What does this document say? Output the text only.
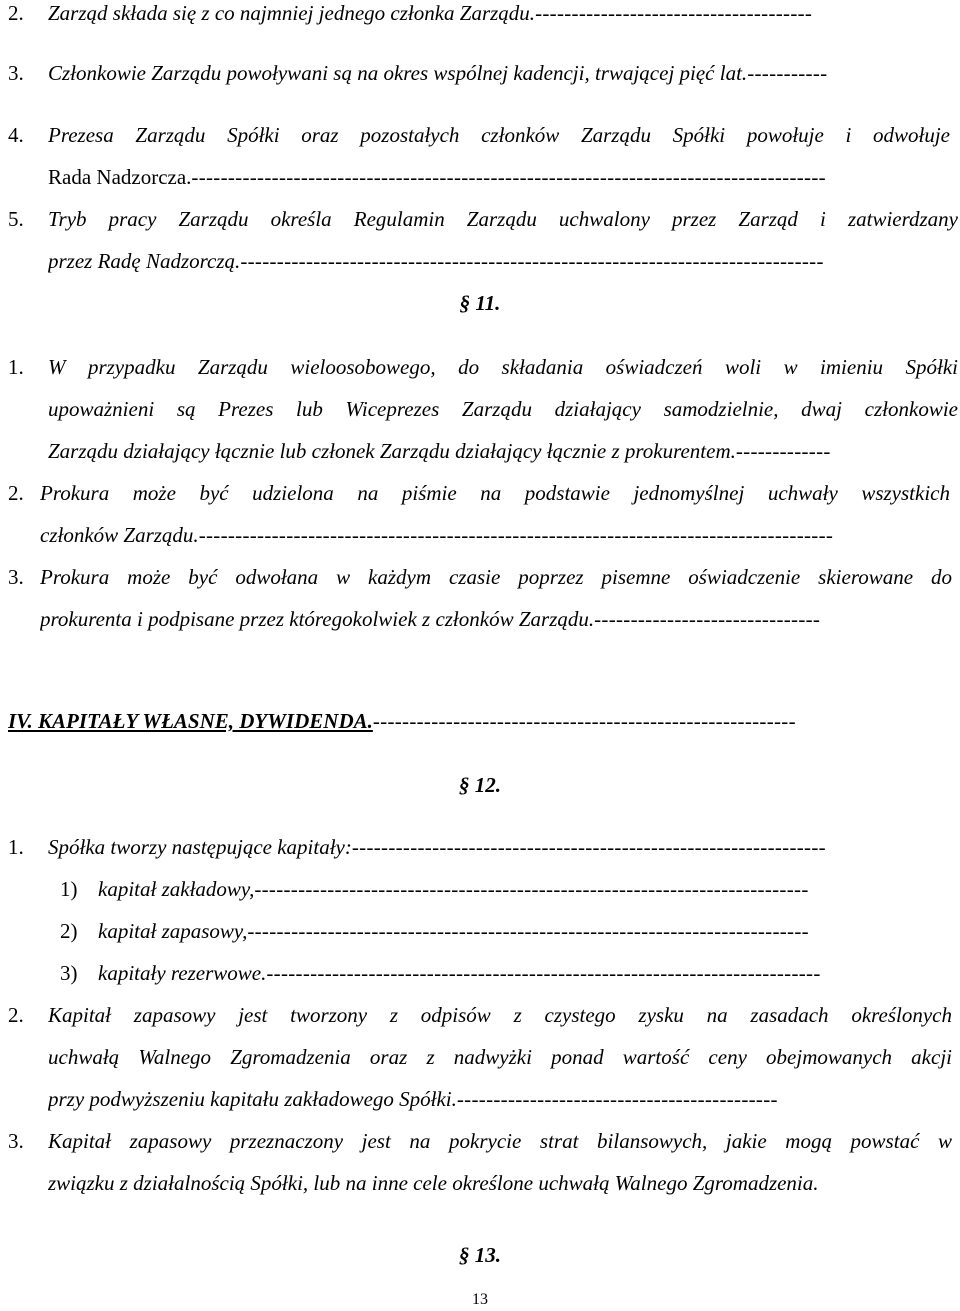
2. Zarząd składa się z co najmniej jednego członka Zarządu.--------------------------------------
3. Członkowie Zarządu powoływani są na okres wspólnej kadencji, trwającej pięć lat.-----------
4. Prezesa Zarządu Spółki oraz pozostałych członków Zarządu Spółki powołuje i odwołuje
Rada Nadzorcza.---------------------------------------------------------------------------------------
5. Tryb pracy Zarządu określa Regulamin Zarządu uchwalony przez Zarząd i zatwierdzany
przez Radę Nadzorczą.--------------------------------------------------------------------------------
§ 11.
1. W przypadku Zarządu wieloosobowego, do składania oświadczeń woli w imieniu Spółki
upoważnieni są Prezes lub Wiceprezes Zarządu działający samodzielnie, dwaj członkowie
Zarządu działający łącznie lub członek Zarządu działający łącznie z prokurentem.-------------
2. Prokura może być udzielona na piśmie na podstawie jednomyślnej uchwały wszystkich
członków Zarządu.---------------------------------------------------------------------------------------
3. Prokura może być odwołana w każdym czasie poprzez pisemne oświadczenie skierowane do
prokurenta i podpisane przez któregokolwiek z członków Zarządu.-------------------------------
IV. KAPITAŁY WŁASNE, DYWIDENDA.----------------------------------------------------------
§ 12.
1. Spółka tworzy następujące kapitały:-----------------------------------------------------------------
1) kapitał zakładowy,----------------------------------------------------------------------------
2) kapitał zapasowy,-----------------------------------------------------------------------------
3) kapitały rezerwowe.----------------------------------------------------------------------------
2. Kapitał zapasowy jest tworzony z odpisów z czystego zysku na zasadach określonych
uchwałą Walnego Zgromadzenia oraz z nadwyżki ponad wartość ceny obejmowanych akcji
przy podwyższeniu kapitału zakładowego Spółki.--------------------------------------------
3. Kapitał zapasowy przeznaczony jest na pokrycie strat bilansowych, jakie mogą powstać w
związku z działalnością Spółki, lub na inne cele określone uchwałą Walnego Zgromadzenia.
§ 13.
13
